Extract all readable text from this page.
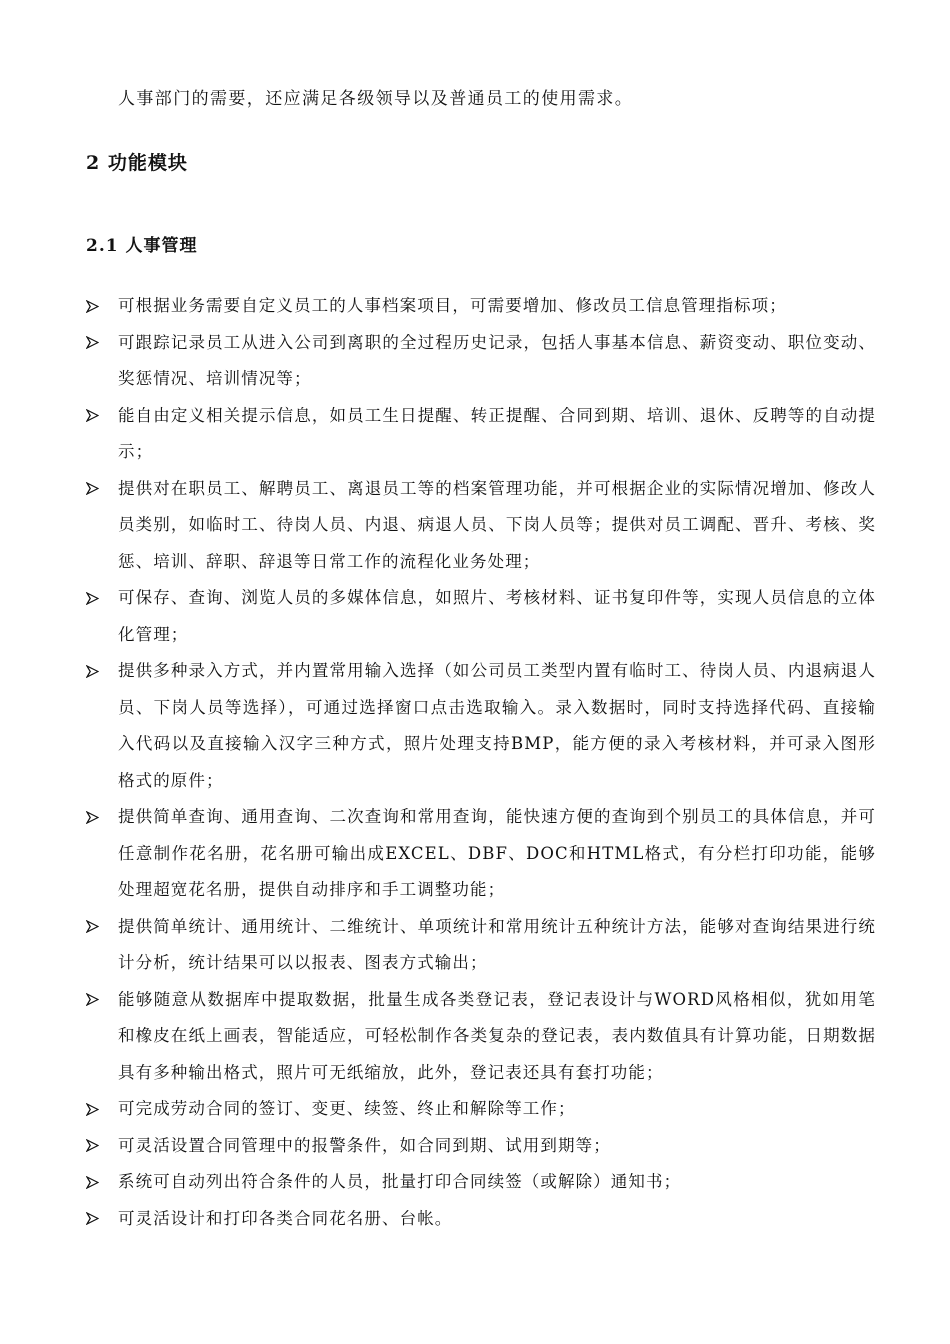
人事部门的需要，还应满足各级领导以及普通员工的使用需求。
2 功能模块
2.1 人事管理
可根据业务需要自定义员工的人事档案项目，可需要增加、修改员工信息管理指标项；
可跟踪记录员工从进入公司到离职的全过程历史记录，包括人事基本信息、薪资变动、职位变动、奖惩情况、培训情况等；
能自由定义相关提示信息，如员工生日提醒、转正提醒、合同到期、培训、退休、反聘等的自动提示；
提供对在职员工、解聘员工、离退员工等的档案管理功能，并可根据企业的实际情况增加、修改人员类别，如临时工、待岗人员、内退、病退人员、下岗人员等；提供对员工调配、晋升、考核、奖惩、培训、辞职、辞退等日常工作的流程化业务处理；
可保存、查询、浏览人员的多媒体信息，如照片、考核材料、证书复印件等，实现人员信息的立体化管理；
提供多种录入方式，并内置常用输入选择（如公司员工类型内置有临时工、待岗人员、内退病退人员、下岗人员等选择），可通过选择窗口点击选取输入。录入数据时，同时支持选择代码、直接输入代码以及直接输入汉字三种方式，照片处理支持BMP，能方便的录入考核材料，并可录入图形格式的原件；
提供简单查询、通用查询、二次查询和常用查询，能快速方便的查询到个别员工的具体信息，并可任意制作花名册，花名册可输出成EXCEL、DBF、DOC和HTML格式，有分栏打印功能，能够处理超宽花名册，提供自动排序和手工调整功能；
提供简单统计、通用统计、二维统计、单项统计和常用统计五种统计方法，能够对查询结果进行统计分析，统计结果可以以报表、图表方式输出；
能够随意从数据库中提取数据，批量生成各类登记表，登记表设计与WORD风格相似，犹如用笔和橡皮在纸上画表，智能适应，可轻松制作各类复杂的登记表，表内数值具有计算功能，日期数据具有多种输出格式，照片可无纸缩放，此外，登记表还具有套打功能；
可完成劳动合同的签订、变更、续签、终止和解除等工作；
可灵活设置合同管理中的报警条件，如合同到期、试用到期等；
系统可自动列出符合条件的人员，批量打印合同续签（或解除）通知书；
可灵活设计和打印各类合同花名册、台帐。
